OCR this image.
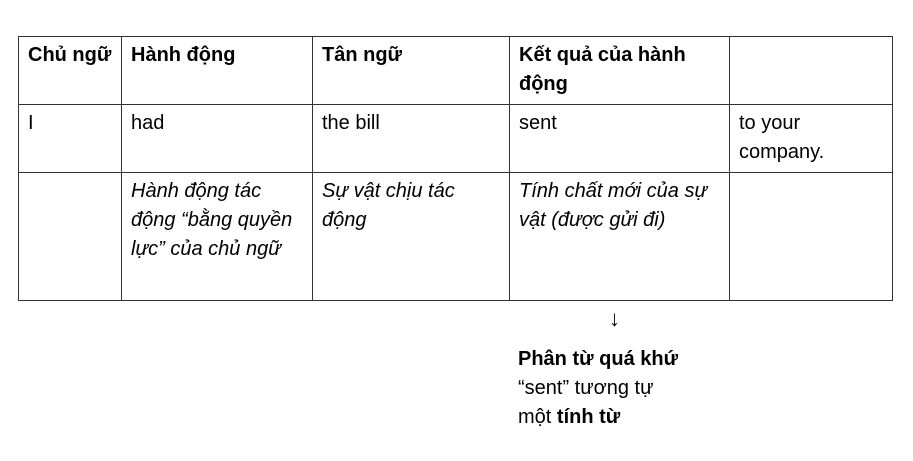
Chủ ngữ	Hành động	Tân ngữ	Kết quả của hành động	
I	had	the bill	sent	to your company.
	Hành động tác động “bằng quyền lực” của chủ ngữ	Sự vật chịu tác động	Tính chất mới của sự vật (được gửi đi)	
↓
Phân từ quá khứ
“sent” tương tự
một tính từ
